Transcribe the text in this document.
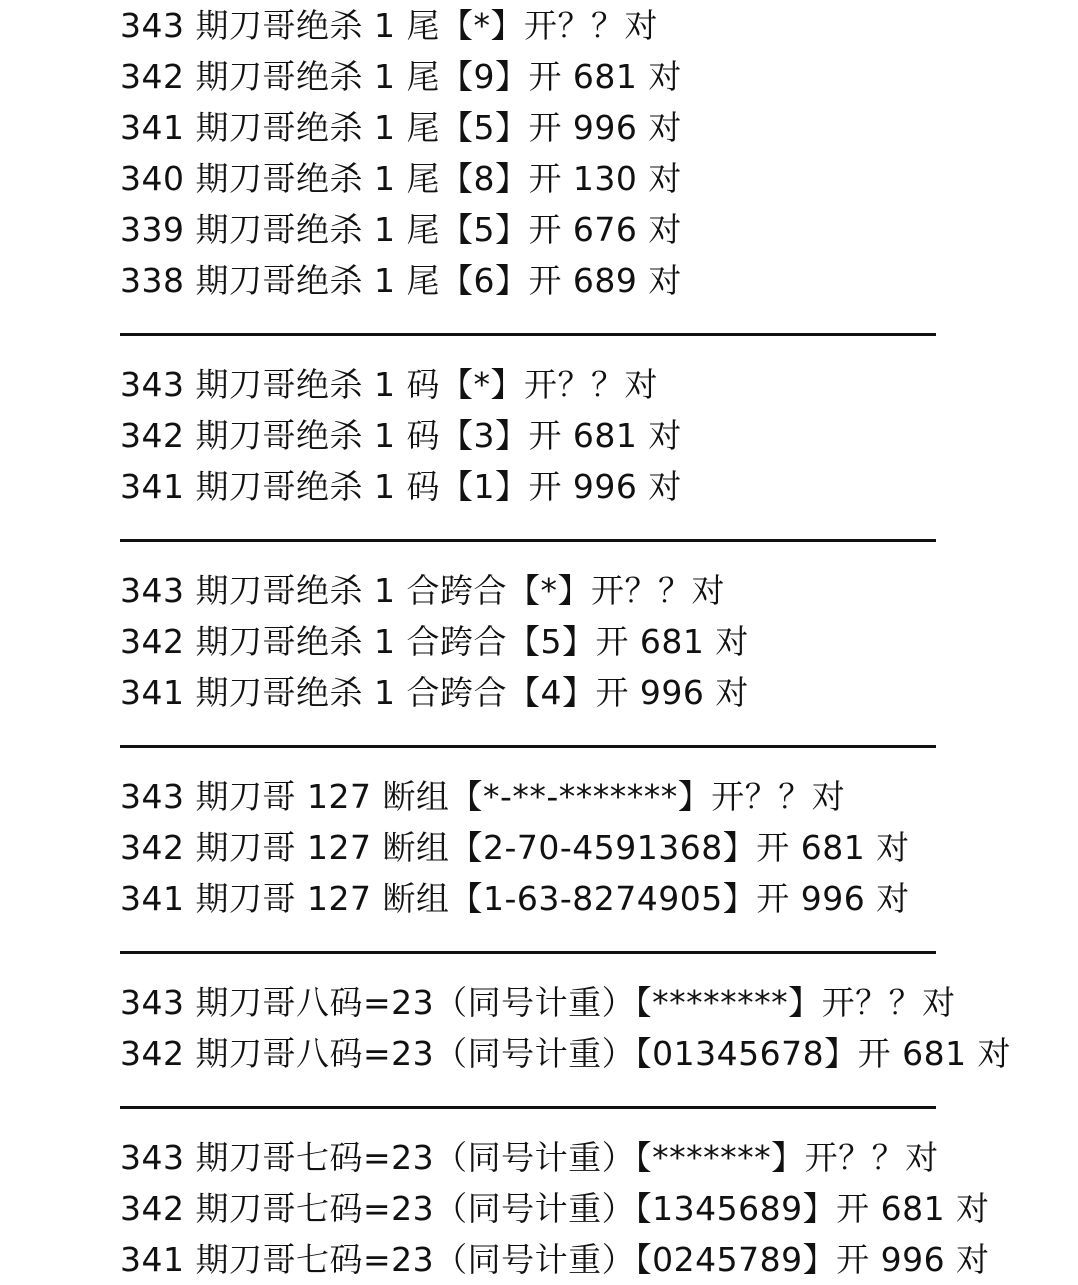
343 期刀哥绝杀 1 尾【*】开？？对
342 期刀哥绝杀 1 尾【9】开 681 对
341 期刀哥绝杀 1 尾【5】开 996 对
340 期刀哥绝杀 1 尾【8】开 130 对
339 期刀哥绝杀 1 尾【5】开 676 对
338 期刀哥绝杀 1 尾【6】开 689 对
343 期刀哥绝杀 1 码【*】开？？对
342 期刀哥绝杀 1 码【3】开 681 对
341 期刀哥绝杀 1 码【1】开 996 对
343 期刀哥绝杀 1 合跨合【*】开？？对
342 期刀哥绝杀 1 合跨合【5】开 681 对
341 期刀哥绝杀 1 合跨合【4】开 996 对
343 期刀哥 127 断组【*-**-*******】开？？对
342 期刀哥 127 断组【2-70-4591368】开 681 对
341 期刀哥 127 断组【1-63-8274905】开 996 对
343 期刀哥八码=23（同号计重）【********】开？？对
342 期刀哥八码=23（同号计重）【01345678】开 681 对
343 期刀哥七码=23（同号计重）【*******】开？？对
342 期刀哥七码=23（同号计重）【1345689】开 681 对
341 期刀哥七码=23（同号计重）【0245789】开 996 对
